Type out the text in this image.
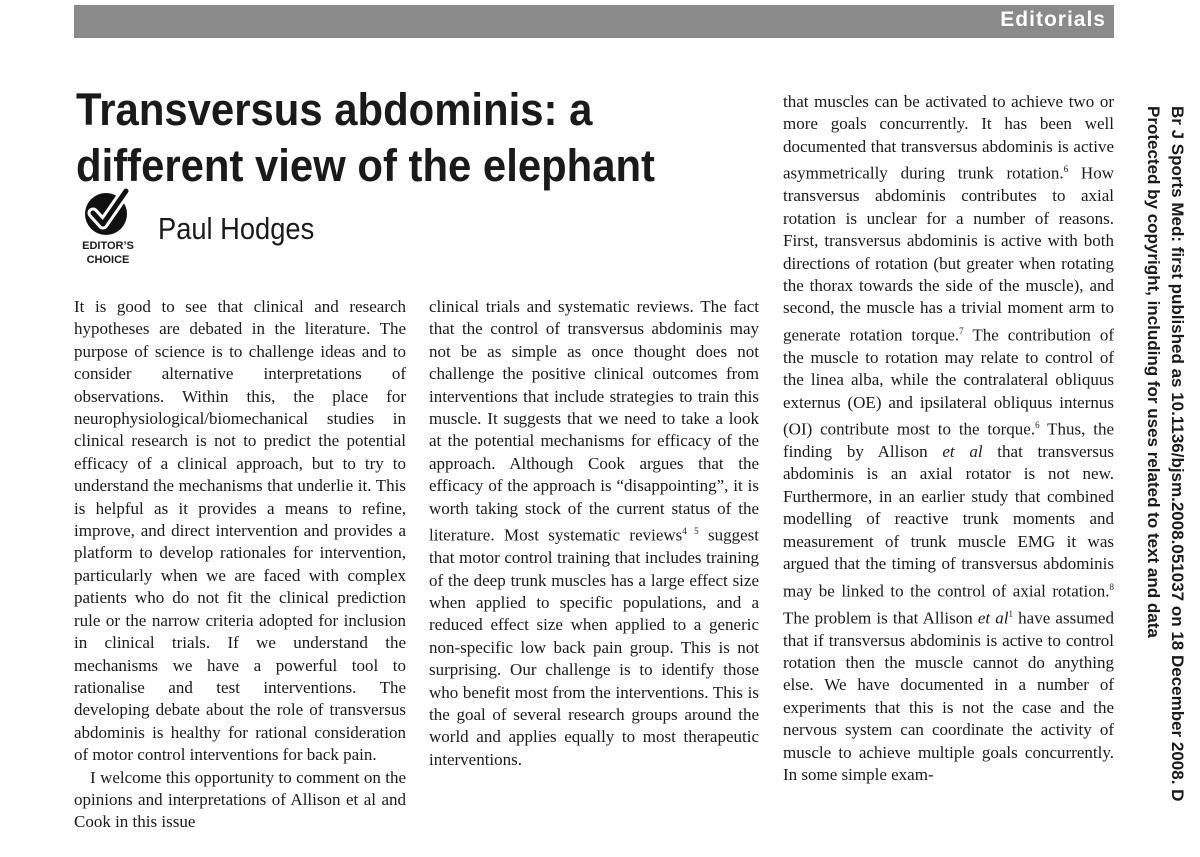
Editorials
Transversus abdominis: a
different view of the elephant
EDITOR’S
CHOICE
Paul Hodges

It is good to see that clinical and research hypotheses are debated in the literature. The purpose of science is to challenge ideas and to consider alternative interpretations of observations. Within this, the place for neurophysiological/biomechanical studies in clinical research is not to predict the potential efficacy of a clinical approach, but to try to understand the mechanisms that underlie it. This is helpful as it provides a means to refine, improve, and direct intervention and provides a platform to develop rationales for intervention, particularly when we are faced with complex patients who do not fit the clinical prediction rule or the narrow criteria adopted for inclusion in clinical trials. If we understand the mechanisms we have a powerful tool to rationalise and test interventions. The developing debate about the role of transversus abdominis is healthy for rational consideration of motor control interventions for back pain.

I welcome this opportunity to comment on the opinions and interpretations of Allison et al and Cook in this issue

clinical trials and systematic reviews. The fact that the control of transversus abdominis may not be as simple as once thought does not challenge the positive clinical outcomes from interventions that include strategies to train this muscle. It suggests that we need to take a look at the potential mechanisms for efficacy of the approach. Although Cook argues that the efficacy of the approach is “disappointing”, it is worth taking stock of the current status of the literature. Most systematic reviews$^{4 5}$ suggest that motor control training that includes training of the deep trunk muscles has a large effect size when applied to specific populations, and a reduced effect size when applied to a generic non-specific low back pain group. This is not surprising. Our challenge is to identify those who benefit most from the interventions. This is the goal of several research groups around the world and applies equally to most therapeutic interventions.

that muscles can be activated to achieve two or more goals concurrently. It has been well documented that transversus abdominis is active asymmetrically during trunk rotation.$^6$ How transversus abdominis contributes to axial rotation is unclear for a number of reasons. First, transversus abdominis is active with both directions of rotation (but greater when rotating the thorax towards the side of the muscle), and second, the muscle has a trivial moment arm to generate rotation torque.$^7$ The contribution of the muscle to rotation may relate to control of the linea alba, while the contralateral obliquus externus (OE) and ipsilateral obliquus internus (OI) contribute most to the torque.$^6$ Thus, the finding by Allison et al that transversus abdominis is an axial rotator is not new. Furthermore, in an earlier study that combined modelling of reactive trunk moments and measurement of trunk muscle EMG it was argued that the timing of transversus abdominis may be linked to the control of axial rotation.$^8$ The problem is that Allison et $al^1$ have assumed that if transversus abdominis is active to control rotation then the muscle cannot do anything else. We have documented in a number of experiments that this is not the case and the nervous system can coordinate the activity of muscle to achieve multiple goals concurrently. In some simple exam-	Br J Sports Med: first published as 10.1136/bjsm.2008.051037 on 18 December 2008. D
Protected by copyright, including for uses related to text and data
